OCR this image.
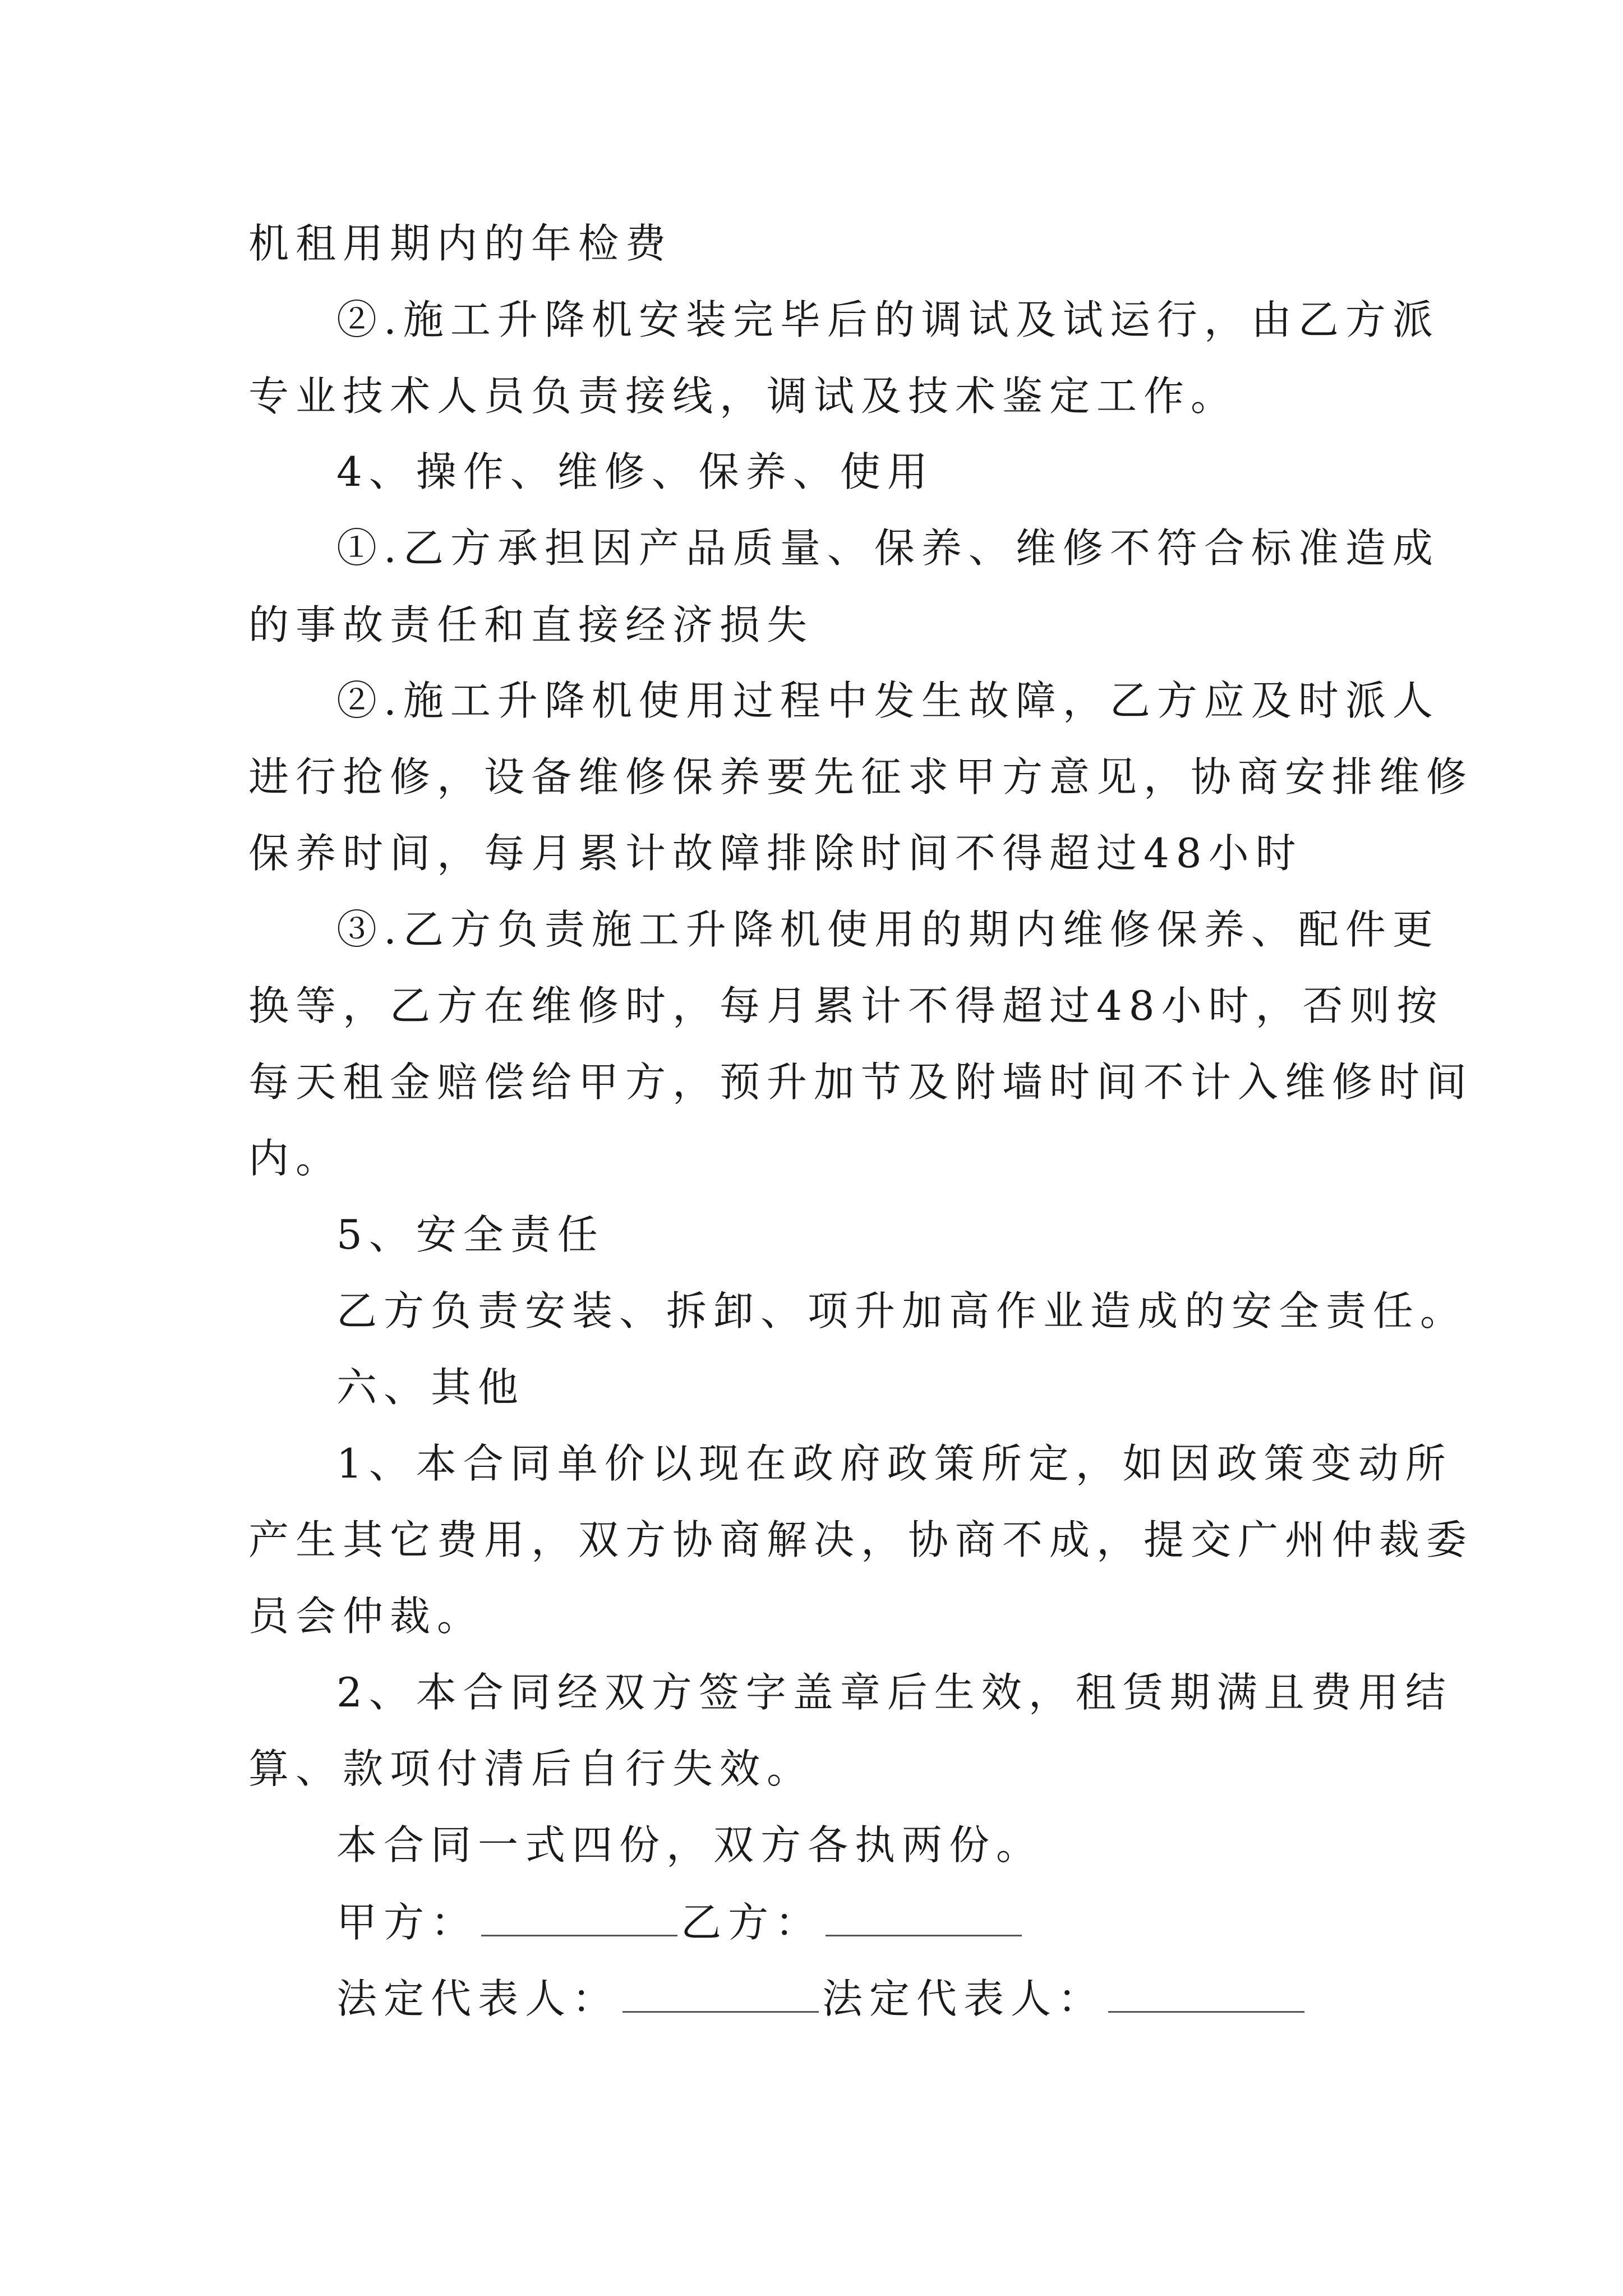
机租用期内的年检费
②.施工升降机安装完毕后的调试及试运行，由乙方派
专业技术人员负责接线，调试及技术鉴定工作。
4、操作、维修、保养、使用
①.乙方承担因产品质量、保养、维修不符合标准造成
的事故责任和直接经济损失
②.施工升降机使用过程中发生故障，乙方应及时派人
进行抢修，设备维修保养要先征求甲方意见，协商安排维修
保养时间，每月累计故障排除时间不得超过48小时
③.乙方负责施工升降机使用的期内维修保养、配件更
换等，乙方在维修时，每月累计不得超过48小时，否则按
每天租金赔偿给甲方，预升加节及附墙时间不计入维修时间
内。
5、安全责任
乙方负责安装、拆卸、项升加高作业造成的安全责任。
六、其他
1、本合同单价以现在政府政策所定，如因政策变动所
产生其它费用，双方协商解决，协商不成，提交广州仲裁委
员会仲裁。
2、本合同经双方签字盖章后生效，租赁期满且费用结
算、款项付清后自行失效。
本合同一式四份，双方各执两份。
甲方：	乙方：
法定代表人：	法定代表人：
